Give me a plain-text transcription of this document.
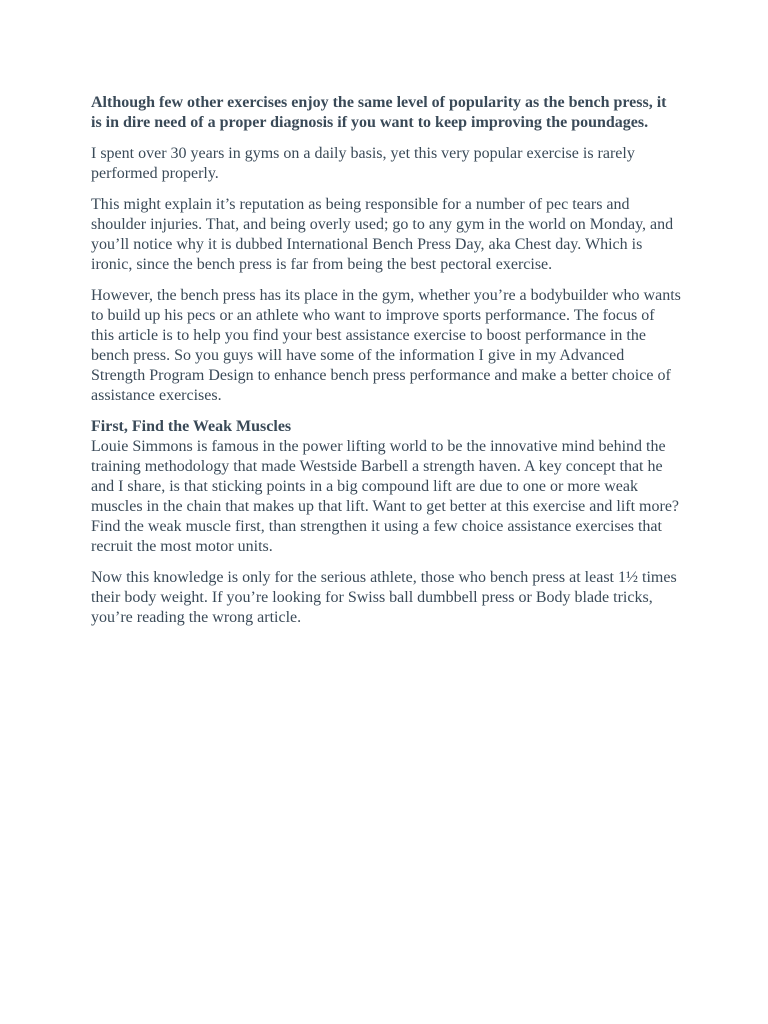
Although few other exercises enjoy the same level of popularity as the bench press, it is in dire need of a proper diagnosis if you want to keep improving the poundages.

I spent over 30 years in gyms on a daily basis, yet this very popular exercise is rarely performed properly.

This might explain it’s reputation as being responsible for a number of pec tears and shoulder injuries. That, and being overly used; go to any gym in the world on Monday, and you’ll notice why it is dubbed International Bench Press Day, aka Chest day. Which is ironic, since the bench press is far from being the best pectoral exercise.

However, the bench press has its place in the gym, whether you’re a bodybuilder who wants to build up his pecs or an athlete who want to improve sports performance. The focus of this article is to help you find your best assistance exercise to boost performance in the bench press. So you guys will have some of the information I give in my Advanced Strength Program Design to enhance bench press performance and make a better choice of assistance exercises.

First, Find the Weak Muscles
Louie Simmons is famous in the power lifting world to be the innovative mind behind the training methodology that made Westside Barbell a strength haven. A key concept that he and I share, is that sticking points in a big compound lift are due to one or more weak muscles in the chain that makes up that lift. Want to get better at this exercise and lift more? Find the weak muscle first, than strengthen it using a few choice assistance exercises that recruit the most motor units.

Now this knowledge is only for the serious athlete, those who bench press at least 1½ times their body weight. If you’re looking for Swiss ball dumbbell press or Body blade tricks, you’re reading the wrong article.
